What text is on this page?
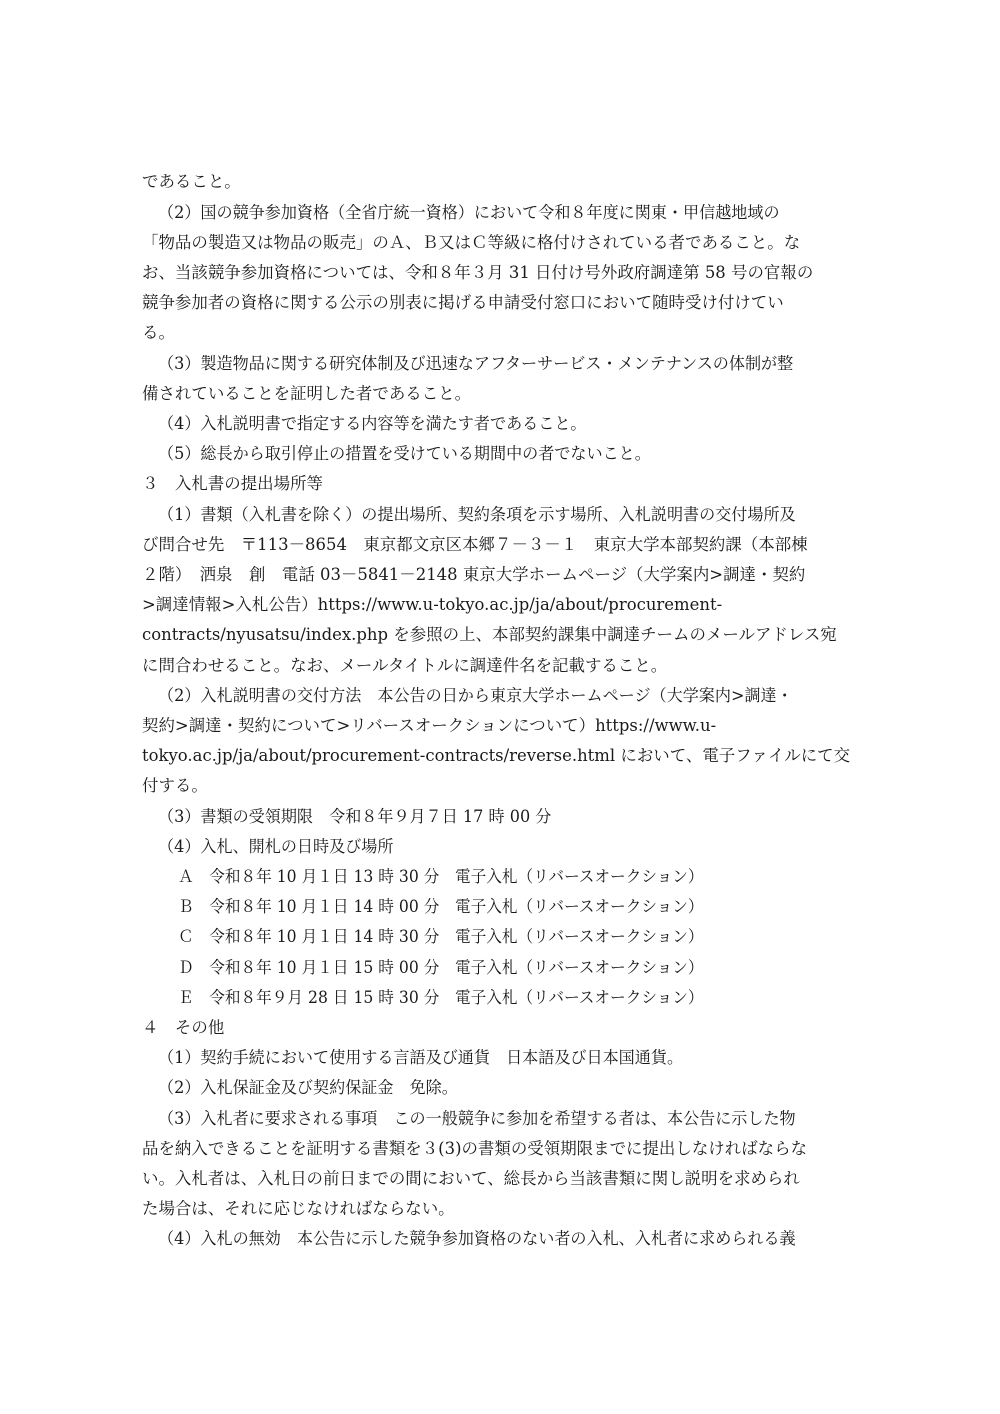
であること。
（2）国の競争参加資格（全省庁統一資格）において令和８年度に関東・甲信越地域の
「物品の製造又は物品の販売」のＡ、Ｂ又はＣ等級に格付けされている者であること。な
お、当該競争参加資格については、令和８年３月 31 日付け号外政府調達第 58 号の官報の
競争参加者の資格に関する公示の別表に掲げる申請受付窓口において随時受け付けてい
る。
（3）製造物品に関する研究体制及び迅速なアフターサービス・メンテナンスの体制が整
備されていることを証明した者であること。
（4）入札説明書で指定する内容等を満たす者であること。
（5）総長から取引停止の措置を受けている期間中の者でないこと。
３　入札書の提出場所等
（1）書類（入札書を除く）の提出場所、契約条項を示す場所、入札説明書の交付場所及
び問合せ先　〒113－8654　東京都文京区本郷７－３－１　東京大学本部契約課（本部棟
２階）　洒泉　創　電話 03－5841－2148 東京大学ホームページ（大学案内>調達・契約
>調達情報>入札公告）https://www.u-tokyo.ac.jp/ja/about/procurement-
contracts/nyusatsu/index.php を参照の上、本部契約課集中調達チームのメールアドレス宛
に問合わせること。なお、メールタイトルに調達件名を記載すること。
（2）入札説明書の交付方法　本公告の日から東京大学ホームページ（大学案内>調達・
契約>調達・契約について>リバースオークションについて）https://www.u-
tokyo.ac.jp/ja/about/procurement-contracts/reverse.html において、電子ファイルにて交
付する。
（3）書類の受領期限　令和８年９月７日 17 時 00 分
（4）入札、開札の日時及び場所
Ａ　令和８年 10 月１日 13 時 30 分　電子入札（リバースオークション）
Ｂ　令和８年 10 月１日 14 時 00 分　電子入札（リバースオークション）
Ｃ　令和８年 10 月１日 14 時 30 分　電子入札（リバースオークション）
Ｄ　令和８年 10 月１日 15 時 00 分　電子入札（リバースオークション）
Ｅ　令和８年９月 28 日 15 時 30 分　電子入札（リバースオークション）
４　その他
（1）契約手続において使用する言語及び通貨　日本語及び日本国通貨。
（2）入札保証金及び契約保証金　免除。
（3）入札者に要求される事項　この一般競争に参加を希望する者は、本公告に示した物
品を納入できることを証明する書類を３(3)の書類の受領期限までに提出しなければならな
い。入札者は、入札日の前日までの間において、総長から当該書類に関し説明を求められ
た場合は、それに応じなければならない。
（4）入札の無効　本公告に示した競争参加資格のない者の入札、入札者に求められる義
